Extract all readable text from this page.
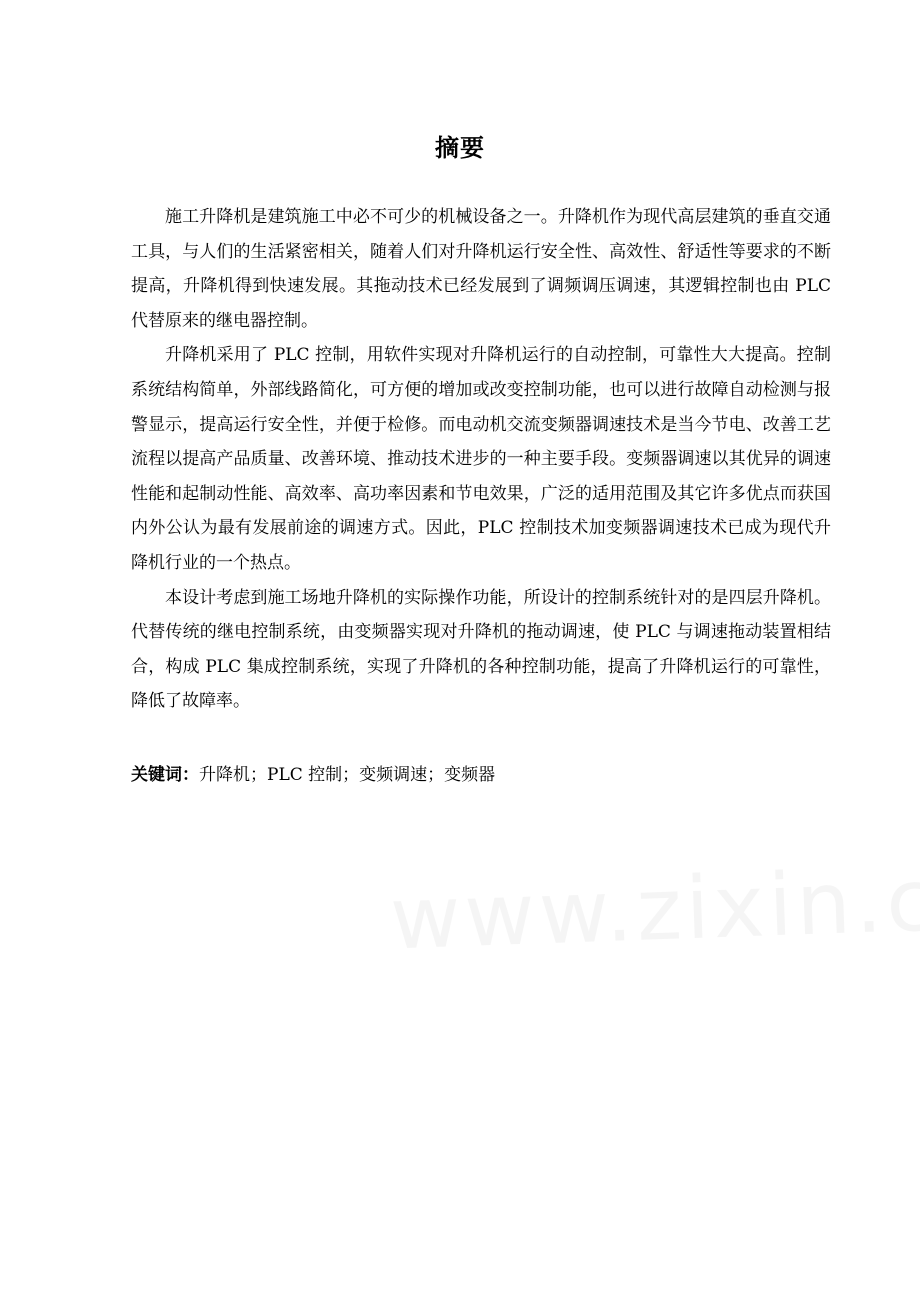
摘要

施工升降机是建筑施工中必不可少的机械设备之一。升降机作为现代高层建筑的垂直交通工具，与人们的生活紧密相关，随着人们对升降机运行安全性、高效性、舒适性等要求的不断提高，升降机得到快速发展。其拖动技术已经发展到了调频调压调速，其逻辑控制也由 PLC 代替原来的继电器控制。

升降机采用了 PLC 控制，用软件实现对升降机运行的自动控制，可靠性大大提高。控制系统结构简单，外部线路简化，可方便的增加或改变控制功能，也可以进行故障自动检测与报警显示，提高运行安全性，并便于检修。而电动机交流变频器调速技术是当今节电、改善工艺流程以提高产品质量、改善环境、推动技术进步的一种主要手段。变频器调速以其优异的调速性能和起制动性能、高效率、高功率因素和节电效果，广泛的适用范围及其它许多优点而获国内外公认为最有发展前途的调速方式。因此，PLC 控制技术加变频器调速技术已成为现代升降机行业的一个热点。

本设计考虑到施工场地升降机的实际操作功能，所设计的控制系统针对的是四层升降机。代替传统的继电控制系统，由变频器实现对升降机的拖动调速，使 PLC 与调速拖动装置相结合，构成 PLC 集成控制系统，实现了升降机的各种控制功能，提高了升降机运行的可靠性，降低了故障率。

关键词：升降机；PLC 控制；变频调速；变频器
